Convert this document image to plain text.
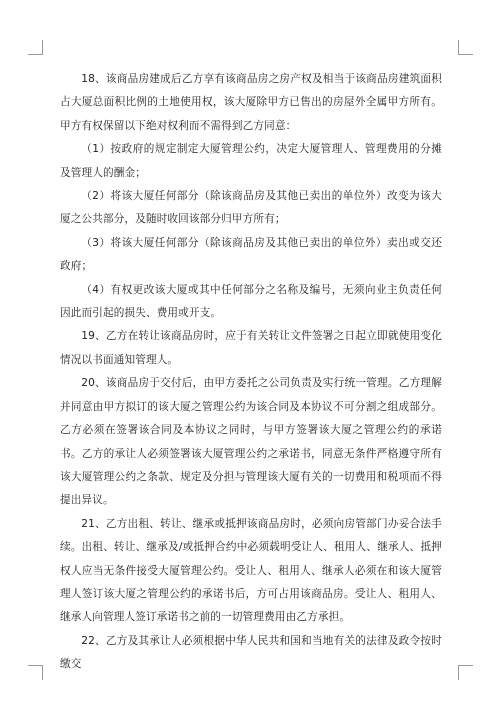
18、该商品房建成后乙方享有该商品房之房产权及相当于该商品房建筑面积占大厦总面积比例的土地使用权，该大厦除甲方已售出的房屋外全属甲方所有。甲方有权保留以下绝对权利而不需得到乙方同意：

（1）按政府的规定制定大厦管理公约，决定大厦管理人、管理费用的分摊及管理人的酬金；

（2）将该大厦任何部分（除该商品房及其他已卖出的单位外）改变为该大厦之公共部分，及随时收回该部分归甲方所有；

（3）将该大厦任何部分（除该商品房及其他已卖出的单位外）卖出或交还政府；

（4）有权更改该大厦或其中任何部分之名称及编号，无须向业主负责任何因此而引起的损失、费用或开支。

19、乙方在转让该商品房时，应于有关转让文件签署之日起立即就使用变化情况以书面通知管理人。

20、该商品房于交付后，由甲方委托之公司负责及实行统一管理。乙方理解并同意由甲方拟订的该大厦之管理公约为该合同及本协议不可分割之组成部分。乙方必须在签署该合同及本协议之同时，与甲方签署该大厦之管理公约的承诺书。乙方的承让人必须签署该大厦管理公约之承诺书，同意无条件严格遵守所有该大厦管理公约之条款、规定及分担与管理该大厦有关的一切费用和税项而不得提出异议。

21、乙方出租、转让、继承或抵押该商品房时，必须向房管部门办妥合法手续。出租、转让、继承及/或抵押合约中必须载明受让人、租用人、继承人、抵押权人应当无条件接受大厦管理公约。受让人、租用人、继承人必须在和该大厦管理人签订该大厦之管理公约的承诺书后，方可占用该商品房。受让人、租用人、继承人向管理人签订承诺书之前的一切管理费用由乙方承担。

22、乙方及其承让人必须根据中华人民共和国和当地有关的法律及政令按时缴交
